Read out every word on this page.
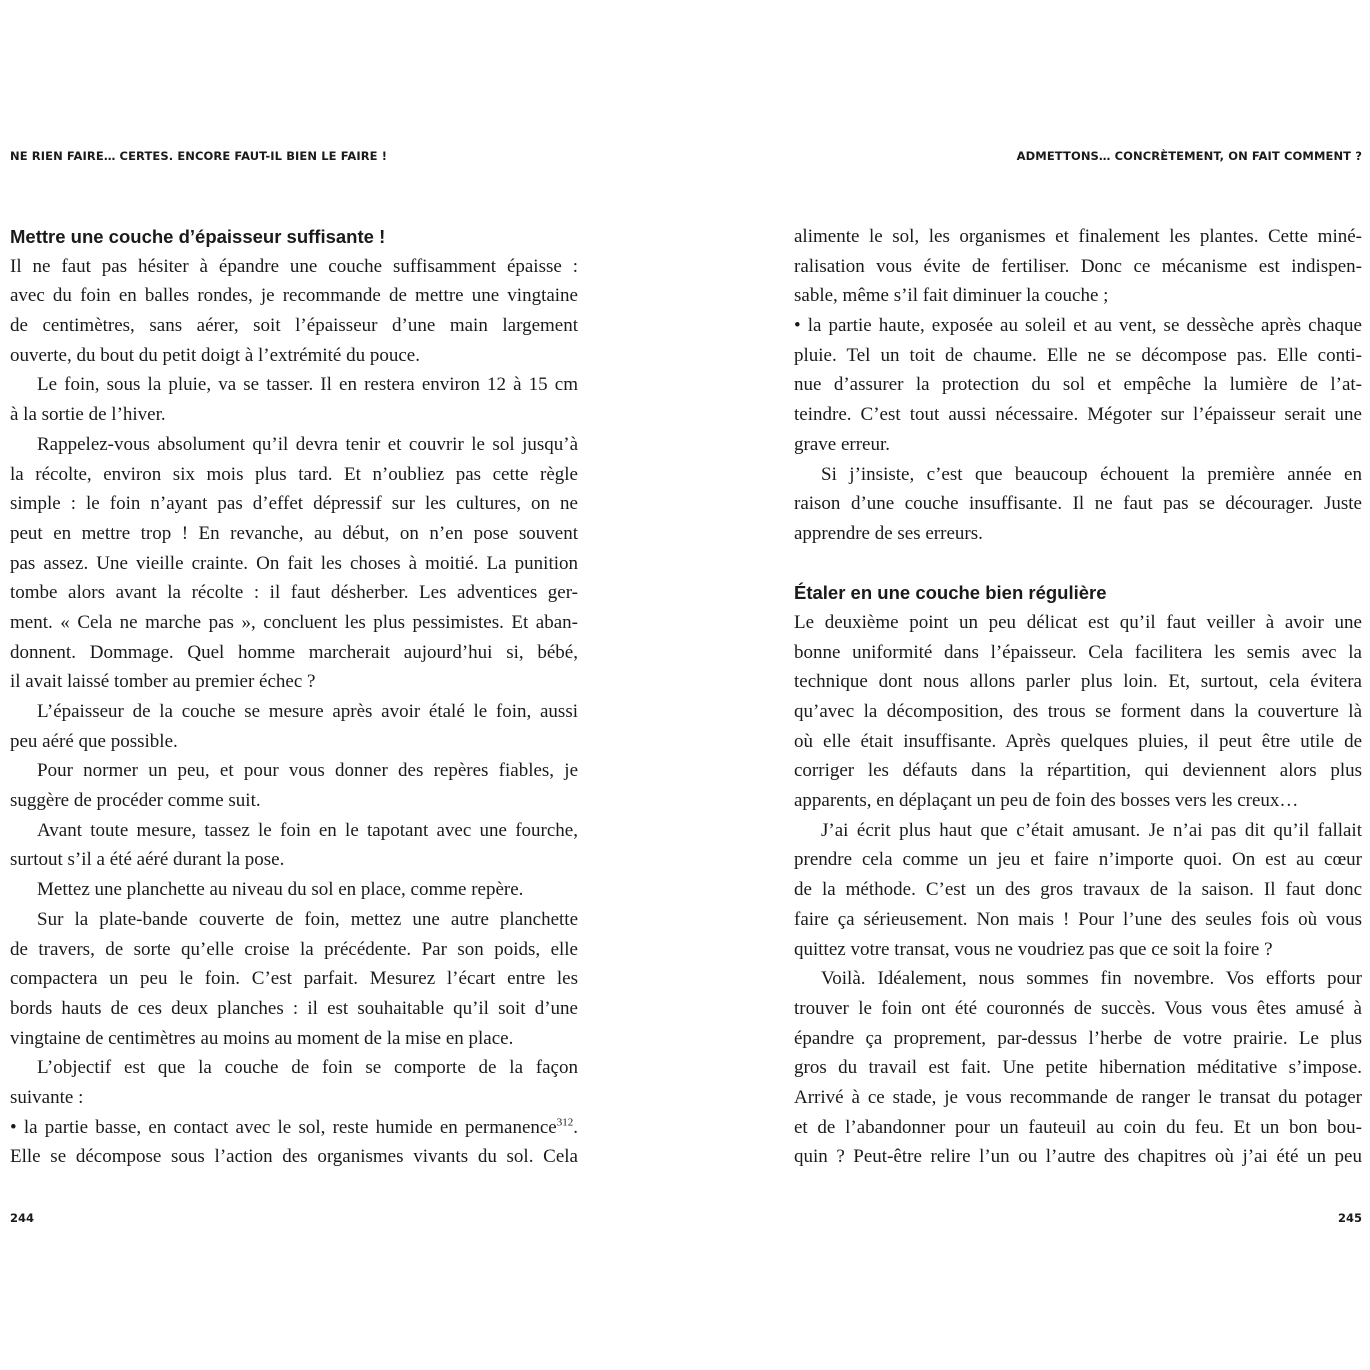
NE RIEN FAIRE… CERTES. ENCORE FAUT-IL BIEN LE FAIRE !
Mettre une couche d’épaisseur suffisante !
Il ne faut pas hésiter à épandre une couche suffisamment épaisse :
avec du foin en balles rondes, je recommande de mettre une vingtaine
de centimètres, sans aérer, soit l’épaisseur d’une main largement
ouverte, du bout du petit doigt à l’extrémité du pouce.
Le foin, sous la pluie, va se tasser. Il en restera environ 12 à 15 cm
à la sortie de l’hiver.
Rappelez-vous absolument qu’il devra tenir et couvrir le sol jusqu’à
la récolte, environ six mois plus tard. Et n’oubliez pas cette règle
simple : le foin n’ayant pas d’effet dépressif sur les cultures, on ne
peut en mettre trop ! En revanche, au début, on n’en pose souvent
pas assez. Une vieille crainte. On fait les choses à moitié. La punition
tombe alors avant la récolte : il faut désherber. Les adventices ger-
ment. « Cela ne marche pas », concluent les plus pessimistes. Et aban-
donnent. Dommage. Quel homme marcherait aujourd’hui si, bébé,
il avait laissé tomber au premier échec ?
L’épaisseur de la couche se mesure après avoir étalé le foin, aussi
peu aéré que possible.
Pour normer un peu, et pour vous donner des repères fiables, je
suggère de procéder comme suit.
Avant toute mesure, tassez le foin en le tapotant avec une fourche,
surtout s’il a été aéré durant la pose.
Mettez une planchette au niveau du sol en place, comme repère.
Sur la plate-bande couverte de foin, mettez une autre planchette
de travers, de sorte qu’elle croise la précédente. Par son poids, elle
compactera un peu le foin. C’est parfait. Mesurez l’écart entre les
bords hauts de ces deux planches : il est souhaitable qu’il soit d’une
vingtaine de centimètres au moins au moment de la mise en place.
L’objectif est que la couche de foin se comporte de la façon
suivante :
• la partie basse, en contact avec le sol, reste humide en permanence$^{312}$.
Elle se décompose sous l’action des organismes vivants du sol. Cela
244
ADMETTONS… CONCRÈTEMENT, ON FAIT COMMENT ?
alimente le sol, les organismes et finalement les plantes. Cette miné-
ralisation vous évite de fertiliser. Donc ce mécanisme est indispen-
sable, même s’il fait diminuer la couche ;
• la partie haute, exposée au soleil et au vent, se dessèche après chaque
pluie. Tel un toit de chaume. Elle ne se décompose pas. Elle conti-
nue d’assurer la protection du sol et empêche la lumière de l’at-
teindre. C’est tout aussi nécessaire. Mégoter sur l’épaisseur serait une
grave erreur.
Si j’insiste, c’est que beaucoup échouent la première année en
raison d’une couche insuffisante. Il ne faut pas se décourager. Juste
apprendre de ses erreurs.
Étaler en une couche bien régulière
Le deuxième point un peu délicat est qu’il faut veiller à avoir une
bonne uniformité dans l’épaisseur. Cela facilitera les semis avec la
technique dont nous allons parler plus loin. Et, surtout, cela évitera
qu’avec la décomposition, des trous se forment dans la couverture là
où elle était insuffisante. Après quelques pluies, il peut être utile de
corriger les défauts dans la répartition, qui deviennent alors plus
apparents, en déplaçant un peu de foin des bosses vers les creux…
J’ai écrit plus haut que c’était amusant. Je n’ai pas dit qu’il fallait
prendre cela comme un jeu et faire n’importe quoi. On est au cœur
de la méthode. C’est un des gros travaux de la saison. Il faut donc
faire ça sérieusement. Non mais ! Pour l’une des seules fois où vous
quittez votre transat, vous ne voudriez pas que ce soit la foire ?
Voilà. Idéalement, nous sommes fin novembre. Vos efforts pour
trouver le foin ont été couronnés de succès. Vous vous êtes amusé à
épandre ça proprement, par-dessus l’herbe de votre prairie. Le plus
gros du travail est fait. Une petite hibernation méditative s’impose.
Arrivé à ce stade, je vous recommande de ranger le transat du potager
et de l’abandonner pour un fauteuil au coin du feu. Et un bon bou-
quin ? Peut-être relire l’un ou l’autre des chapitres où j’ai été un peu
245
